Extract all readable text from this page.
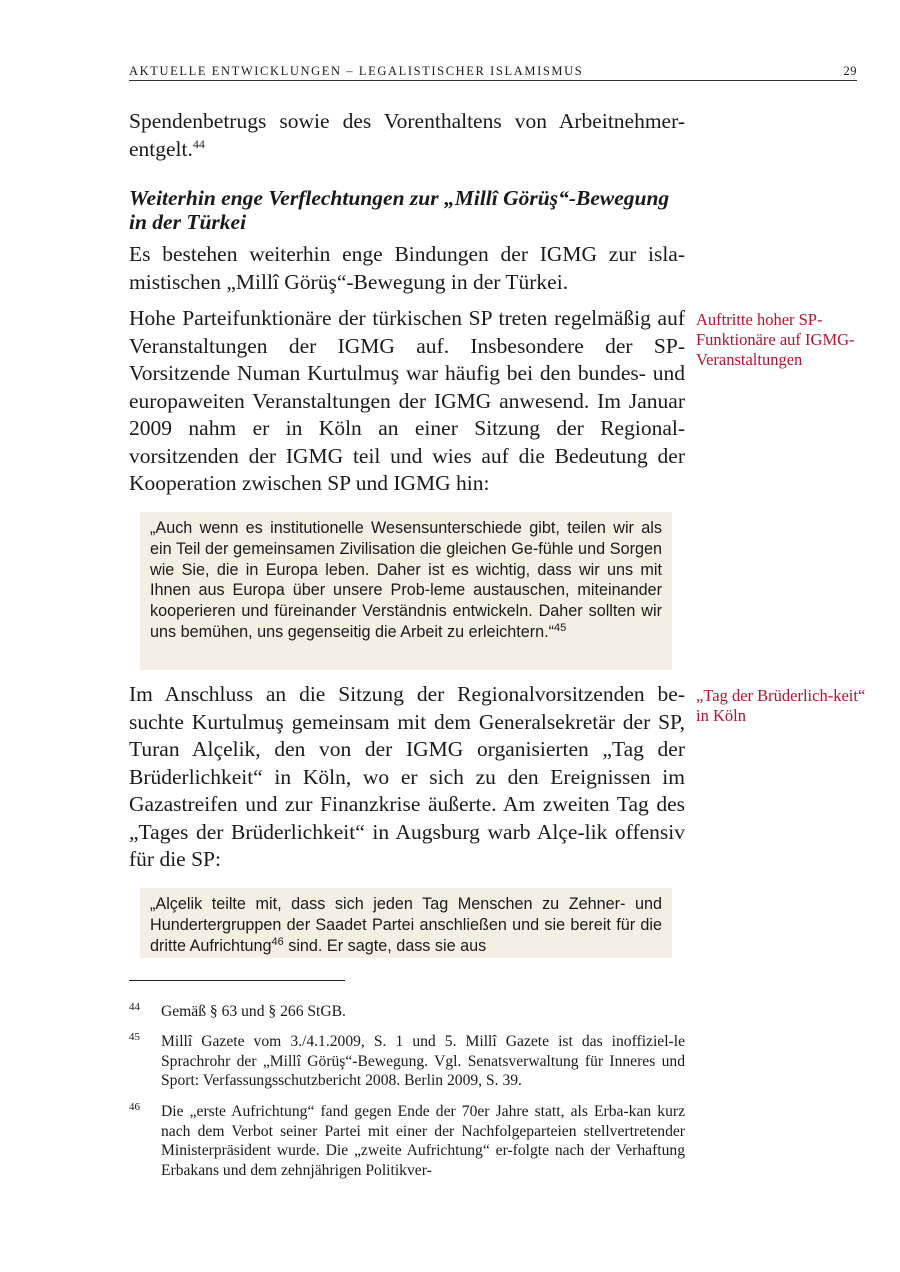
AKTUELLE ENTWICKLUNGEN – LEGALISTISCHER ISLAMISMUS	29

Spendenbetrugs sowie des Vorenthaltens von Arbeitnehmer-entgelt.$^{44}$

Weiterhin enge Verflechtungen zur „Millî Görüş“-Bewegung in der Türkei

Es bestehen weiterhin enge Bindungen der IGMG zur isla-mistischen „Millî Görüş“-Bewegung in der Türkei.

Hohe Parteifunktionäre der türkischen SP treten regelmäßig auf Veranstaltungen der IGMG auf. Insbesondere der SP-Vorsitzende Numan Kurtulmuş war häufig bei den bundes- und europaweiten Veranstaltungen der IGMG anwesend. Im Januar 2009 nahm er in Köln an einer Sitzung der Regional-vorsitzenden der IGMG teil und wies auf die Bedeutung der Kooperation zwischen SP und IGMG hin:

Auftritte hoher SP-Funktionäre auf IGMG-Veranstaltungen
„Auch wenn es institutionelle Wesensunterschiede gibt, teilen wir als ein Teil der gemeinsamen Zivilisation die gleichen Ge-fühle und Sorgen wie Sie, die in Europa leben. Daher ist es wichtig, dass wir uns mit Ihnen aus Europa über unsere Prob-leme austauschen, miteinander kooperieren und füreinander Verständnis entwickeln. Daher sollten wir uns bemühen, uns gegenseitig die Arbeit zu erleichtern.“$^{45}$

Im Anschluss an die Sitzung der Regionalvorsitzenden be-suchte Kurtulmuş gemeinsam mit dem Generalsekretär der SP, Turan Alçelik, den von der IGMG organisierten „Tag der Brüderlichkeit“ in Köln, wo er sich zu den Ereignissen im Gazastreifen und zur Finanzkrise äußerte. Am zweiten Tag des „Tages der Brüderlichkeit“ in Augsburg warb Alçe-lik offensiv für die SP:

„Tag der Brüderlich-keit“ in Köln
„Alçelik teilte mit, dass sich jeden Tag Menschen zu Zehner- und Hundertergruppen der Saadet Partei anschließen und sie bereit für die dritte Aufrichtung$^{46}$ sind. Er sagte, dass sie aus
44 Gemäß § 63 und § 266 StGB.
45 Millî Gazete vom 3./4.1.2009, S. 1 und 5. Millî Gazete ist das inoffiziel-le Sprachrohr der „Millî Görüş“-Bewegung. Vgl. Senatsverwaltung für Inneres und Sport: Verfassungsschutzbericht 2008. Berlin 2009, S. 39.
46 Die „erste Aufrichtung“ fand gegen Ende der 70er Jahre statt, als Erba-kan kurz nach dem Verbot seiner Partei mit einer der Nachfolgeparteien stellvertretender Ministerpräsident wurde. Die „zweite Aufrichtung“ er-folgte nach der Verhaftung Erbakans und dem zehnjährigen Politikver-
